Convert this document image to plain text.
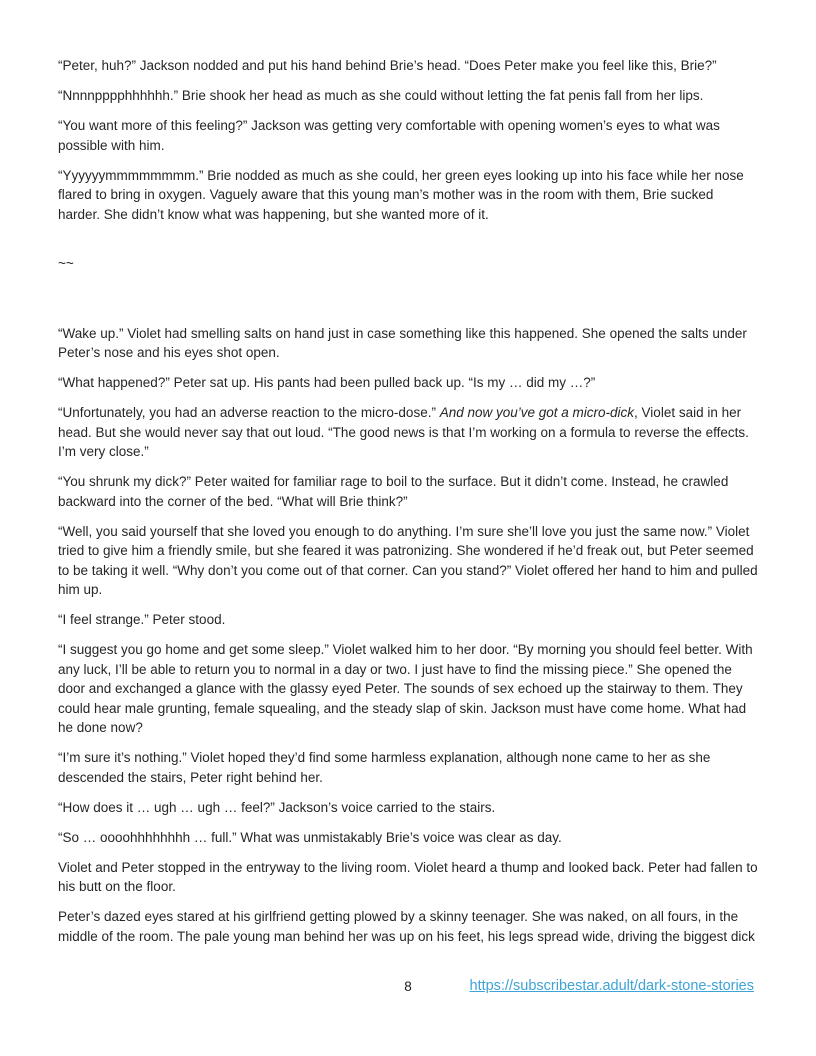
“Peter, huh?” Jackson nodded and put his hand behind Brie’s head. “Does Peter make you feel like this, Brie?”

“Nnnnpppphhhhhh.” Brie shook her head as much as she could without letting the fat penis fall from her lips.

“You want more of this feeling?” Jackson was getting very comfortable with opening women’s eyes to what was possible with him.

“Yyyyyymmmmmmmm.” Brie nodded as much as she could, her green eyes looking up into his face while her nose flared to bring in oxygen. Vaguely aware that this young man’s mother was in the room with them, Brie sucked harder. She didn’t know what was happening, but she wanted more of it.

~~

“Wake up.” Violet had smelling salts on hand just in case something like this happened. She opened the salts under Peter’s nose and his eyes shot open.

“What happened?” Peter sat up. His pants had been pulled back up. “Is my … did my …?”

“Unfortunately, you had an adverse reaction to the micro-dose.” And now you’ve got a micro-dick, Violet said in her head. But she would never say that out loud. “The good news is that I’m working on a formula to reverse the effects. I’m very close.”

“You shrunk my dick?” Peter waited for familiar rage to boil to the surface. But it didn’t come. Instead, he crawled backward into the corner of the bed. “What will Brie think?”

“Well, you said yourself that she loved you enough to do anything. I’m sure she’ll love you just the same now.” Violet tried to give him a friendly smile, but she feared it was patronizing. She wondered if he’d freak out, but Peter seemed to be taking it well. “Why don’t you come out of that corner. Can you stand?” Violet offered her hand to him and pulled him up.

“I feel strange.” Peter stood.

“I suggest you go home and get some sleep.” Violet walked him to her door. “By morning you should feel better. With any luck, I’ll be able to return you to normal in a day or two. I just have to find the missing piece.” She opened the door and exchanged a glance with the glassy eyed Peter. The sounds of sex echoed up the stairway to them. They could hear male grunting, female squealing, and the steady slap of skin. Jackson must have come home. What had he done now?

“I’m sure it’s nothing.” Violet hoped they’d find some harmless explanation, although none came to her as she descended the stairs, Peter right behind her.

“How does it … ugh … ugh … feel?” Jackson’s voice carried to the stairs.

“So … oooohhhhhhhh … full.” What was unmistakably Brie’s voice was clear as day.

Violet and Peter stopped in the entryway to the living room. Violet heard a thump and looked back. Peter had fallen to his butt on the floor.

Peter’s dazed eyes stared at his girlfriend getting plowed by a skinny teenager. She was naked, on all fours, in the middle of the room. The pale young man behind her was up on his feet, his legs spread wide, driving the biggest dick

8	https://subscribestar.adult/dark-stone-stories
